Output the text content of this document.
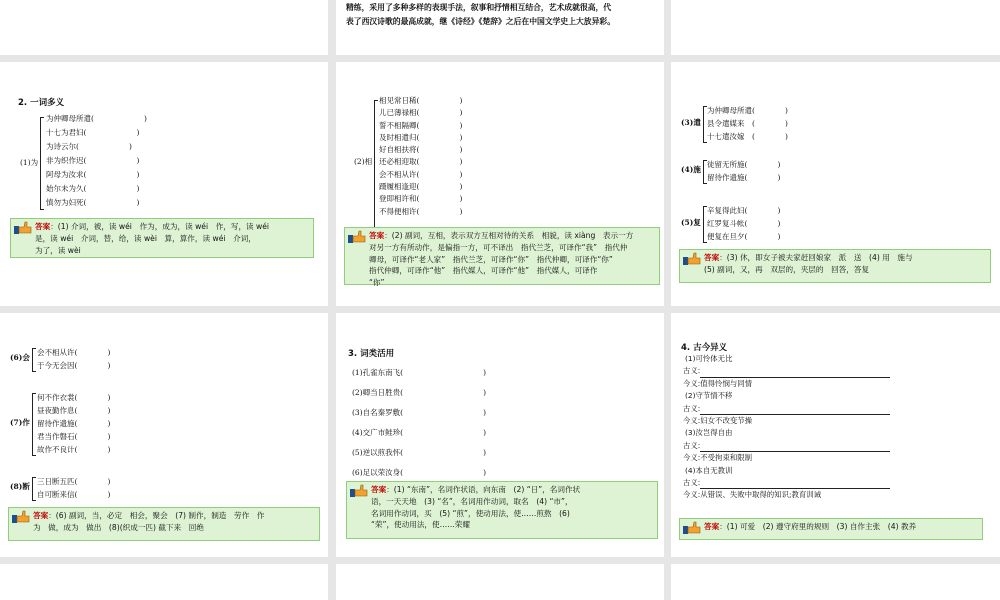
精练，采用了多种多样的表现手法，叙事和抒情相互结合，艺术成就很高，代
表了西汉诗歌的最高成就，继《诗经》《楚辞》之后在中国文学史上大放异彩。
2. 一词多义
(1)为
为仲卿母所遣(	)
十七为君妇(	)
为诗云尔(	)
非为织作迟(	)
阿母为汝求(	)
始尔未为久(	)
慎勿为妇死(	)
答案：(1) 介词，被，读 wéi　作为，成为，读 wéi　作，写，读 wéi
是，读 wéi　介词，替，给，读 wèi　算，算作，读 wéi　介词，
为了，读 wèi
(2)相
相见常日稀(	)
儿已薄禄相(	)
誓不相隔卿(	)
及时相遣归(	)
好自相扶将(	)
还必相迎取(	)
会不相从许(	)
蹑履相逢迎(	)
登即相许和(	)
不得便相许(	)
答案：(2) 副词，互相，表示双方互相对待的关系　相貌，读 xiàng　表示一方
对另一方有所动作，是偏指一方，可不译出　指代兰芝，可译作“我”　指代仲
卿母，可译作“老人家”　指代兰芝，可译作“你”　指代仲卿，可译作“你”
指代仲卿，可译作“他”　指代媒人，可译作“他”　指代媒人，可译作
“你”
答案：(3) 休，即女子被夫家赶回娘家　派　送　(4) 用　施与
(5) 副词，又，再　双层的，夹层的　回答，答复
(3)遣
为仲卿母所遣(	)
县令遣媒来　(	)
十七遣汝嫁　(	)
(4)施
徒留无所施(	)
留待作遗施(	)
(5)复
辛复得此妇(	)
红罗复斗帐(	)
便复在旦夕(	)
答案：(6) 副词，当，必定　相会，聚会　(7) 制作，制造　劳作　作
为　做，成为　做出　(8)(织成一匹) 截下来　回绝
(6)会
会不相从许(	)
于今无会因(	)
(7)作
何不作衣裳(	)
昼夜勤作息(	)
留待作遗施(	)
君当作磐石(	)
故作不良计(	)
(8)断
三日断五匹(	)
自可断来信(	)
3. 词类活用
(1)孔雀东南飞(	)
(2)卿当日胜贵(	)
(3)自名秦罗敷(	)
(4)交广市鲑珍(	)
(5)逆以煎我怀(	)
(6)足以荣汝身(	)
答案：(1) “东南”，名词作状语，向东南　(2) “日”，名词作状
语，一天天地　(3) “名”，名词用作动词，取名　(4) “市”，
名词用作动词，买　(5) “煎”，使动用法，使……煎熬　(6)
“荣”，使动用法，使……荣耀
4. 古今异义
(1)可怜体无比
古义:
今义:值得怜悯与同情
(2)守节情不移
古义:
今义:妇女不改变节操
(3)汝岂得自由
古义:
今义:不受拘束和限制
(4)本自无教训
古义:
今义:从错误、失败中取得的知识;教育训诫
答案：(1) 可爱　(2) 遵守府里的规则　(3) 自作主张　(4) 教养
